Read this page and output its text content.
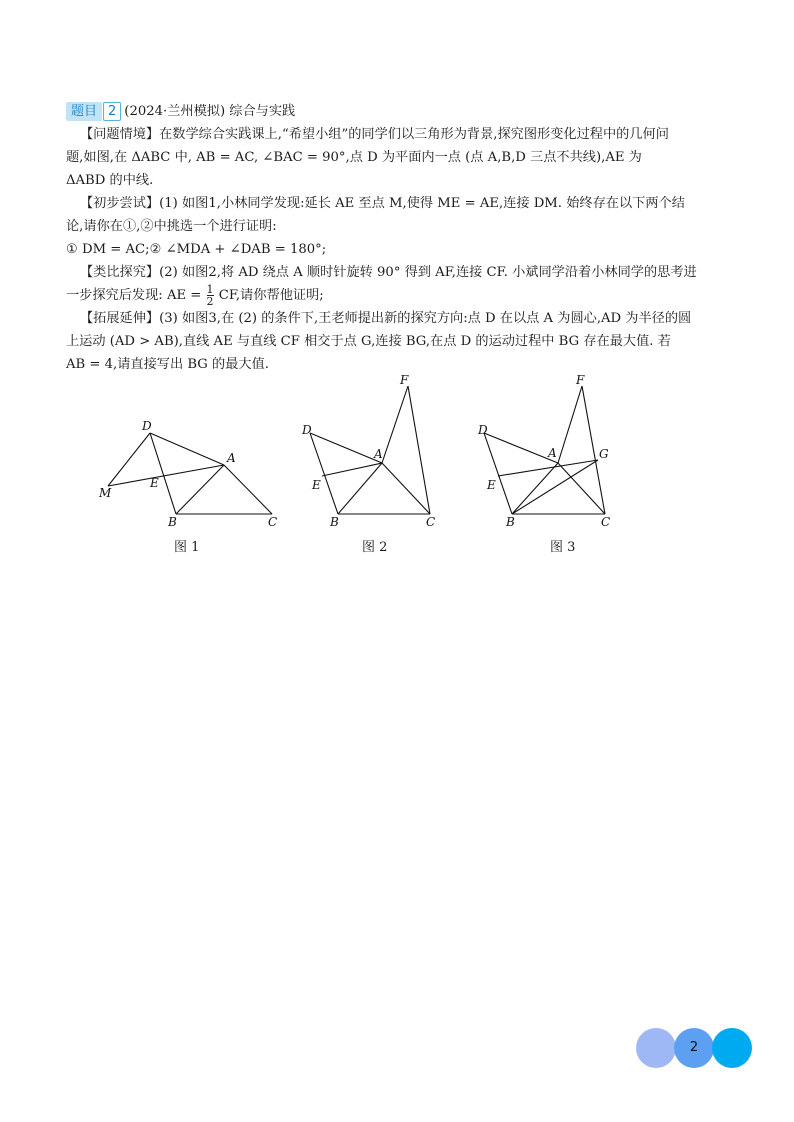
题目 2 (2024·兰州模拟) 综合与实践

【问题情境】在数学综合实践课上,“希望小组”的同学们以三角形为背景,探究图形变化过程中的几何问

题,如图,在 ΔABC 中, AB = AC, ∠BAC = 90°,点 D 为平面内一点 (点 A,B,D 三点不共线),AE 为

ΔABD 的中线.

【初步尝试】(1) 如图1,小林同学发现:延长 AE 至点 M,使得 ME = AE,连接 DM. 始终存在以下两个结

论,请你在①,②中挑选一个进行证明:

① DM = AC;② ∠MDA + ∠DAB = 180°;

【类比探究】(2) 如图2,将 AD 绕点 A 顺时针旋转 90° 得到 AF,连接 CF. 小斌同学沿着小林同学的思考进

一步探究后发现: AE = $\frac{1}{2}$ CF,请你帮他证明;

【拓展延伸】(3) 如图3,在 (2) 的条件下,王老师提出新的探究方向:点 D 在以点 A 为圆心,AD 为半径的圆

上运动 (AD > AB),直线 AE 与直线 CF 相交于点 G,连接 BG,在点 D 的运动过程中 BG 存在最大值. 若

AB = 4,请直接写出 BG 的最大值.

D
A
B	C
M
E
D
A
B	C
E
F
D
A
B	C
E
F
G
图 1	图 2	图 3
2
